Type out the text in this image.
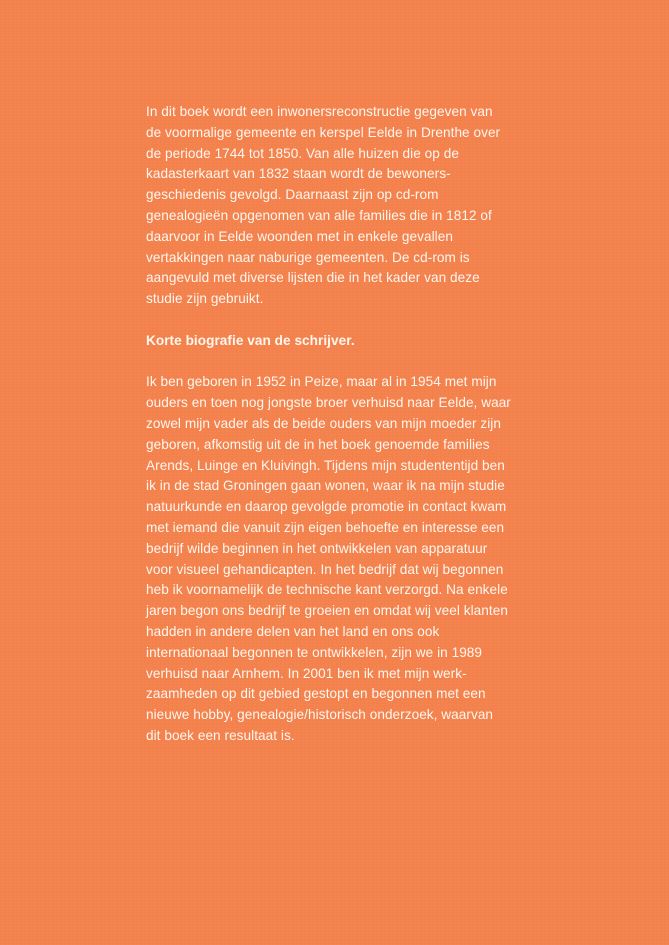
In dit boek wordt een inwonersreconstructie gegeven van
de voormalige gemeente en kerspel Eelde in Drenthe over
de periode 1744 tot 1850. Van alle huizen die op de
kadasterkaart van 1832 staan wordt de bewoners-
geschiedenis gevolgd. Daarnaast zijn op cd-rom
genealogieën opgenomen van alle families die in 1812 of
daarvoor in Eelde woonden met in enkele gevallen
vertakkingen naar naburige gemeenten. De cd-rom is
aangevuld met diverse lijsten die in het kader van deze
studie zijn gebruikt.

Korte biografie van de schrijver.

Ik ben geboren in 1952 in Peize, maar al in 1954 met mijn
ouders en toen nog jongste broer verhuisd naar Eelde, waar
zowel mijn vader als de beide ouders van mijn moeder zijn
geboren, afkomstig uit de in het boek genoemde families
Arends, Luinge en Kluivingh. Tijdens mijn studententijd ben
ik in de stad Groningen gaan wonen, waar ik na mijn studie
natuurkunde en daarop gevolgde promotie in contact kwam
met iemand die vanuit zijn eigen behoefte en interesse een
bedrijf wilde beginnen in het ontwikkelen van apparatuur
voor visueel gehandicapten. In het bedrijf dat wij begonnen
heb ik voornamelijk de technische kant verzorgd. Na enkele
jaren begon ons bedrijf te groeien en omdat wij veel klanten
hadden in andere delen van het land en ons ook
internationaal begonnen te ontwikkelen, zijn we in 1989
verhuisd naar Arnhem. In 2001 ben ik met mijn werk-
zaamheden op dit gebied gestopt en begonnen met een
nieuwe hobby, genealogie/historisch onderzoek, waarvan
dit boek een resultaat is.
